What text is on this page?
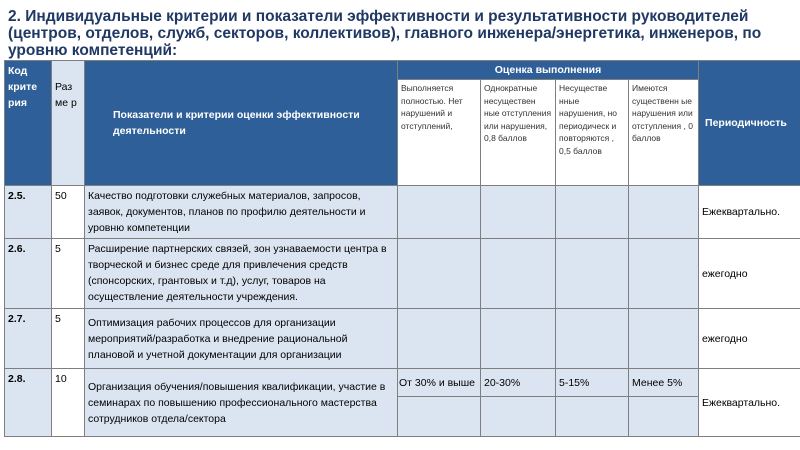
2. Индивидуальные критерии и показатели эффективности и результативности руководителей
(центров, отделов, служб, секторов, коллективов), главного инженера/энергетика, инженеров, по
уровню компетенций:
Код крите рия	Раз ме р	Показатели и критерии оценки эффективности деятельности	Оценка выполнения				Периодичность
			Выполняется полностью. Нет нарушений и отступлений,	Однократные несуществен ные отступления или нарушения, 0,8 баллов	Несуществе нные нарушения, но периодическ и повторяются , 0,5 баллов	Имеются существенн ые нарушения или отступления , 0 баллов	
2.5.	50	Качество подготовки служебных материалов, запросов, заявок, документов, планов по профилю деятельности и уровню компетенции					Ежеквартально.
2.6.	5	Расширение партнерских связей, зон узнаваемости центра в творческой и бизнес среде для привлечения средств (спонсорских, грантовых и т.д), услуг, товаров на осуществление деятельности учреждения.					ежегодно
2.7.	5	Оптимизация рабочих процессов для организации мероприятий/разработка и внедрение рациональной плановой и учетной документации для организации					ежегодно
2.8.	10	Организация обучения/повышения квалификации, участие в семинарах по повышению профессионального мастерства сотрудников отдела/сектора	От 30% и выше	20-30%	5-15%	Менее 5%	Ежеквартально.
